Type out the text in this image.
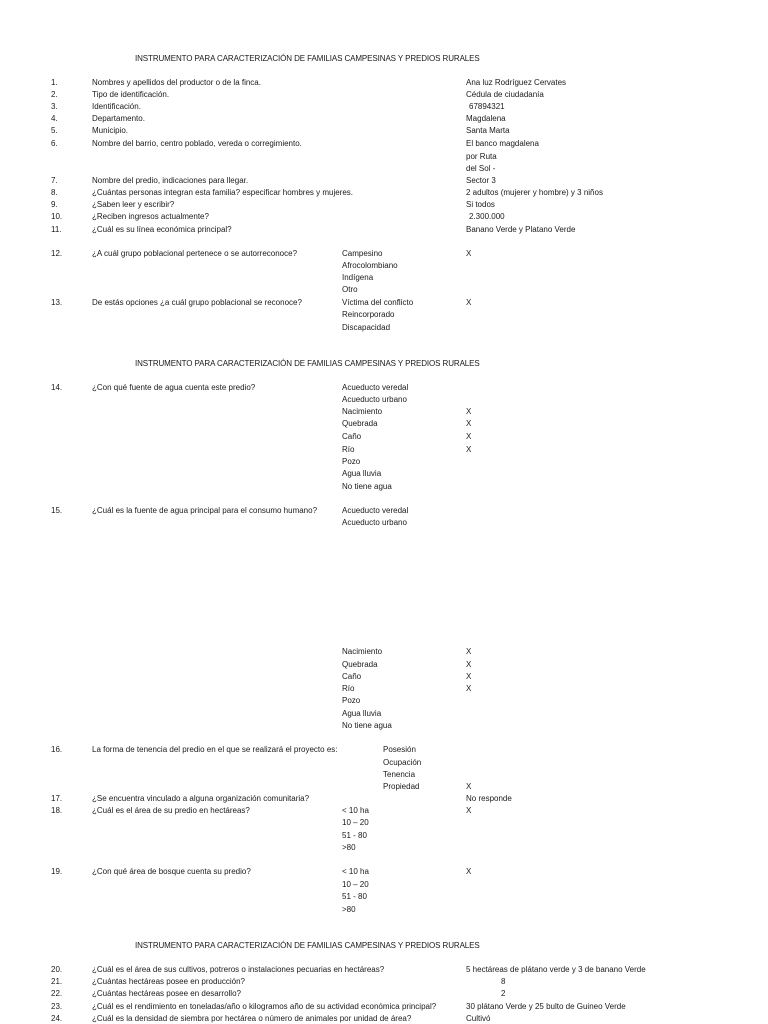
INSTRUMENTO PARA CARACTERIZACIÓN DE FAMILIAS CAMPESINAS Y PREDIOS RURALES
1.	Nombres y apellidos del productor o de la finca.	Ana luz Rodríguez Cervates
2.	Tipo de identificación.	Cédula de ciudadanía
3.	Identificación.	67894321
4.	Departamento.	Magdalena
5.	Municipio.	Santa Marta
6.	Nombre del barrio, centro poblado, vereda o corregimiento.	El banco magdalena
por Ruta
del Sol -
7.	Nombre del predio, indicaciones para llegar.	Sector 3
8.	¿Cuántas personas integran esta familia? especificar hombres y mujeres.	2 adultos (mujerer y hombre) y 3 niños
9.	¿Saben leer y escribir?	Si todos
10.	¿Reciben ingresos actualmente?	2.300.000
11.	¿Cuál es su línea económica principal?	Banano Verde y Platano Verde
12.	¿A cuál grupo poblacional pertenece o se autorreconoce?	Campesino	X
Afrocolombiano
Indígena
Otro
13.	De estás opciones ¿a cuál grupo poblacional se reconoce?	Víctima del conflicto	X
Reincorporado
Discapacidad
INSTRUMENTO PARA CARACTERIZACIÓN DE FAMILIAS CAMPESINAS Y PREDIOS RURALES
14.	¿Con qué fuente de agua cuenta este predio?	Acueducto veredal
Acueducto urbano
Nacimiento	X
Quebrada	X
Caño	X
Río	X
Pozo
Agua lluvia
No tiene agua
15.	¿Cuál es la fuente de agua principal para el consumo humano?	Acueducto veredal
Acueducto urbano
Nacimiento	X
Quebrada	X
Caño	X
Río	X
Pozo
Agua lluvia
No tiene agua
16.	La forma de tenencia del predio en el que se realizará el proyecto es:	Posesión
Ocupación
Tenencia
Propiedad	X
17.	¿Se encuentra vinculado a alguna organización comunitaria?	No responde
18.	¿Cuál es el área de su predio en hectáreas?	< 10 ha	X
10 – 20
51 - 80
>80
19.	¿Con qué área de bosque cuenta su predio?	< 10 ha	X
10 – 20
51 - 80
>80
INSTRUMENTO PARA CARACTERIZACIÓN DE FAMILIAS CAMPESINAS Y PREDIOS RURALES
20.	¿Cuál es el área de sus cultivos, potreros o instalaciones pecuarias en hectáreas?	5 hectáreas de plátano verde y 3 de banano Verde
21.	¿Cuántas hectáreas posee en producción?	8
22.	¿Cuántas hectáreas posee en desarrollo?	2
23.	¿Cuál es el rendimiento en toneladas/año o kilogramos año de su actividad económica principal?	30 plátano Verde y 25 bulto de Guineo Verde
24.	¿Cuál es la densidad de siembra por hectárea o número de animales por unidad de área?	Cultivó
